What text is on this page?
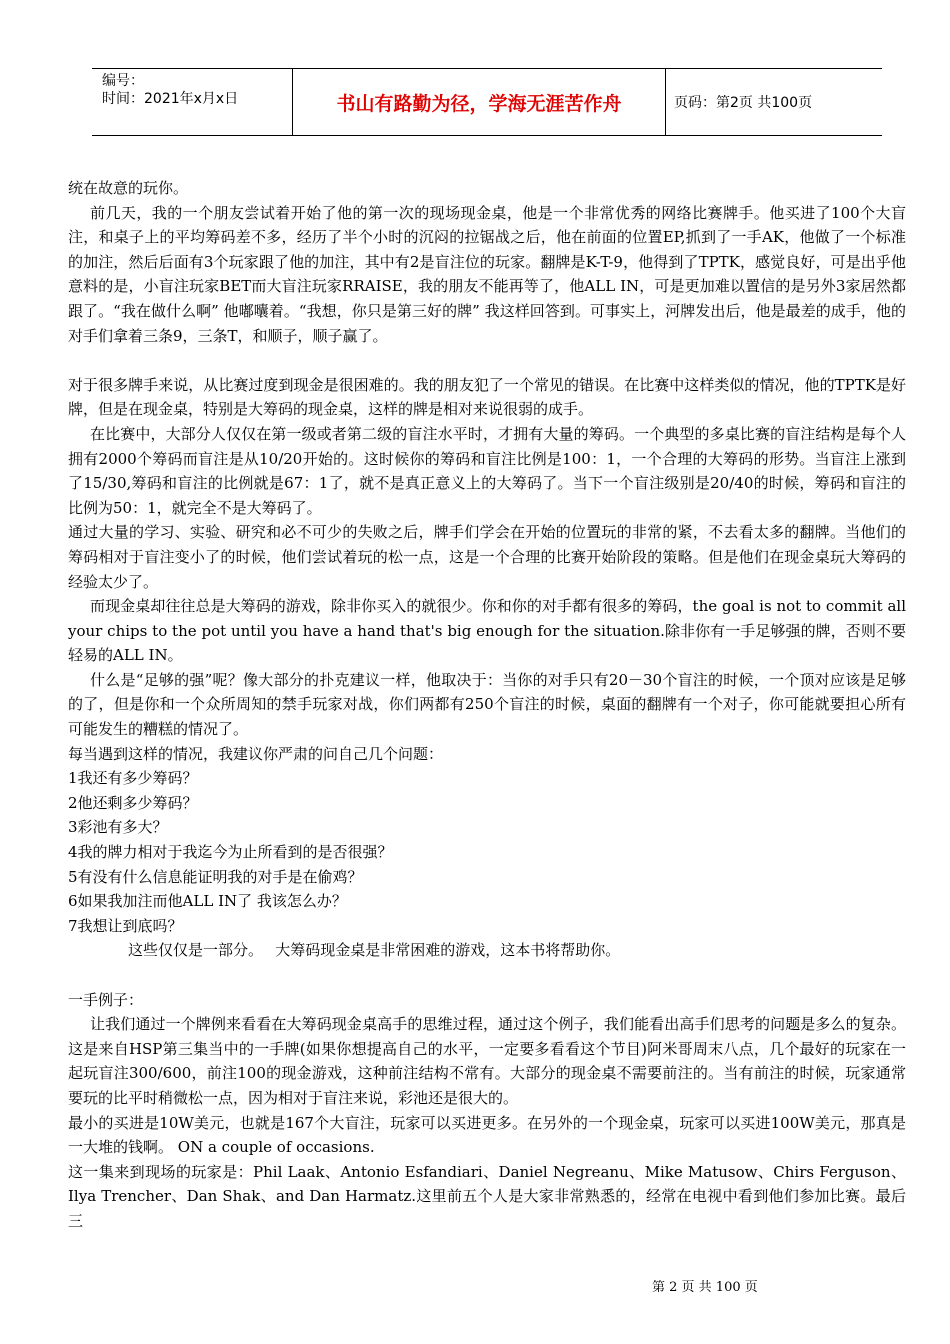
编号：
时间：2021年x月x日	书山有路勤为径，学海无涯苦作舟	页码：第2页 共100页

统在故意的玩你。

前几天，我的一个朋友尝试着开始了他的第一次的现场现金桌，他是一个非常优秀的网络比赛牌手。他买进了100个大盲注，和桌子上的平均筹码差不多，经历了半个小时的沉闷的拉锯战之后，他在前面的位置EP,抓到了一手AK，他做了一个标准的加注，然后后面有3个玩家跟了他的加注，其中有2是盲注位的玩家。翻牌是K-T-9，他得到了TPTK，感觉良好，可是出乎他意料的是，小盲注玩家BET而大盲注玩家RRAISE，我的朋友不能再等了，他ALL IN，可是更加难以置信的是另外3家居然都跟了。“我在做什么啊” 他嘟囔着。“我想，你只是第三好的牌” 我这样回答到。可事实上，河牌发出后，他是最差的成手，他的对手们拿着三条9，三条T，和顺子，顺子赢了。

对于很多牌手来说，从比赛过度到现金是很困难的。我的朋友犯了一个常见的错误。在比赛中这样类似的情况，他的TPTK是好牌，但是在现金桌，特别是大筹码的现金桌，这样的牌是相对来说很弱的成手。

在比赛中，大部分人仅仅在第一级或者第二级的盲注水平时，才拥有大量的筹码。一个典型的多桌比赛的盲注结构是每个人拥有2000个筹码而盲注是从10/20开始的。这时候你的筹码和盲注比例是100：1，一个合理的大筹码的形势。当盲注上涨到了15/30,筹码和盲注的比例就是67：1了，就不是真正意义上的大筹码了。当下一个盲注级别是20/40的时候，筹码和盲注的比例为50：1，就完全不是大筹码了。

通过大量的学习、实验、研究和必不可少的失败之后，牌手们学会在开始的位置玩的非常的紧，不去看太多的翻牌。当他们的筹码相对于盲注变小了的时候，他们尝试着玩的松一点，这是一个合理的比赛开始阶段的策略。但是他们在现金桌玩大筹码的经验太少了。

而现金桌却往往总是大筹码的游戏，除非你买入的就很少。你和你的对手都有很多的筹码，the goal is not to commit all your chips to the pot until you have a hand that's big enough for the situation.除非你有一手足够强的牌，否则不要轻易的ALL IN。

什么是“足够的强”呢？像大部分的扑克建议一样，他取决于：当你的对手只有20－30个盲注的时候，一个顶对应该是足够的了，但是你和一个众所周知的禁手玩家对战，你们两都有250个盲注的时候，桌面的翻牌有一个对子，你可能就要担心所有可能发生的糟糕的情况了。

每当遇到这样的情况，我建议你严肃的问自己几个问题：

1我还有多少筹码？

2他还剩多少筹码？

3彩池有多大？

4我的牌力相对于我迄今为止所看到的是否很强？

5有没有什么信息能证明我的对手是在偷鸡？

6如果我加注而他ALL IN了 我该怎么办？

7我想让到底吗？

这些仅仅是一部分。　 大筹码现金桌是非常困难的游戏，这本书将帮助你。

一手例子：

让我们通过一个牌例来看看在大筹码现金桌高手的思维过程，通过这个例子，我们能看出高手们思考的问题是多么的复杂。这是来自HSP第三集当中的一手牌(如果你想提高自己的水平，一定要多看看这个节目)阿米哥周末八点，几个最好的玩家在一起玩盲注300/600，前注100的现金游戏，这种前注结构不常有。大部分的现金桌不需要前注的。当有前注的时候，玩家通常要玩的比平时稍微松一点，因为相对于盲注来说，彩池还是很大的。

最小的买进是10W美元，也就是167个大盲注，玩家可以买进更多。在另外的一个现金桌，玩家可以买进100W美元，那真是一大堆的钱啊。 ON a couple of occasions.

这一集来到现场的玩家是：Phil Laak、Antonio Esfandiari、Daniel Negreanu、Mike Matusow、Chirs Ferguson、Ilya Trencher、Dan Shak、and Dan Harmatz.这里前五个人是大家非常熟悉的，经常在电视中看到他们参加比赛。最后三

第 2 页 共 100 页
